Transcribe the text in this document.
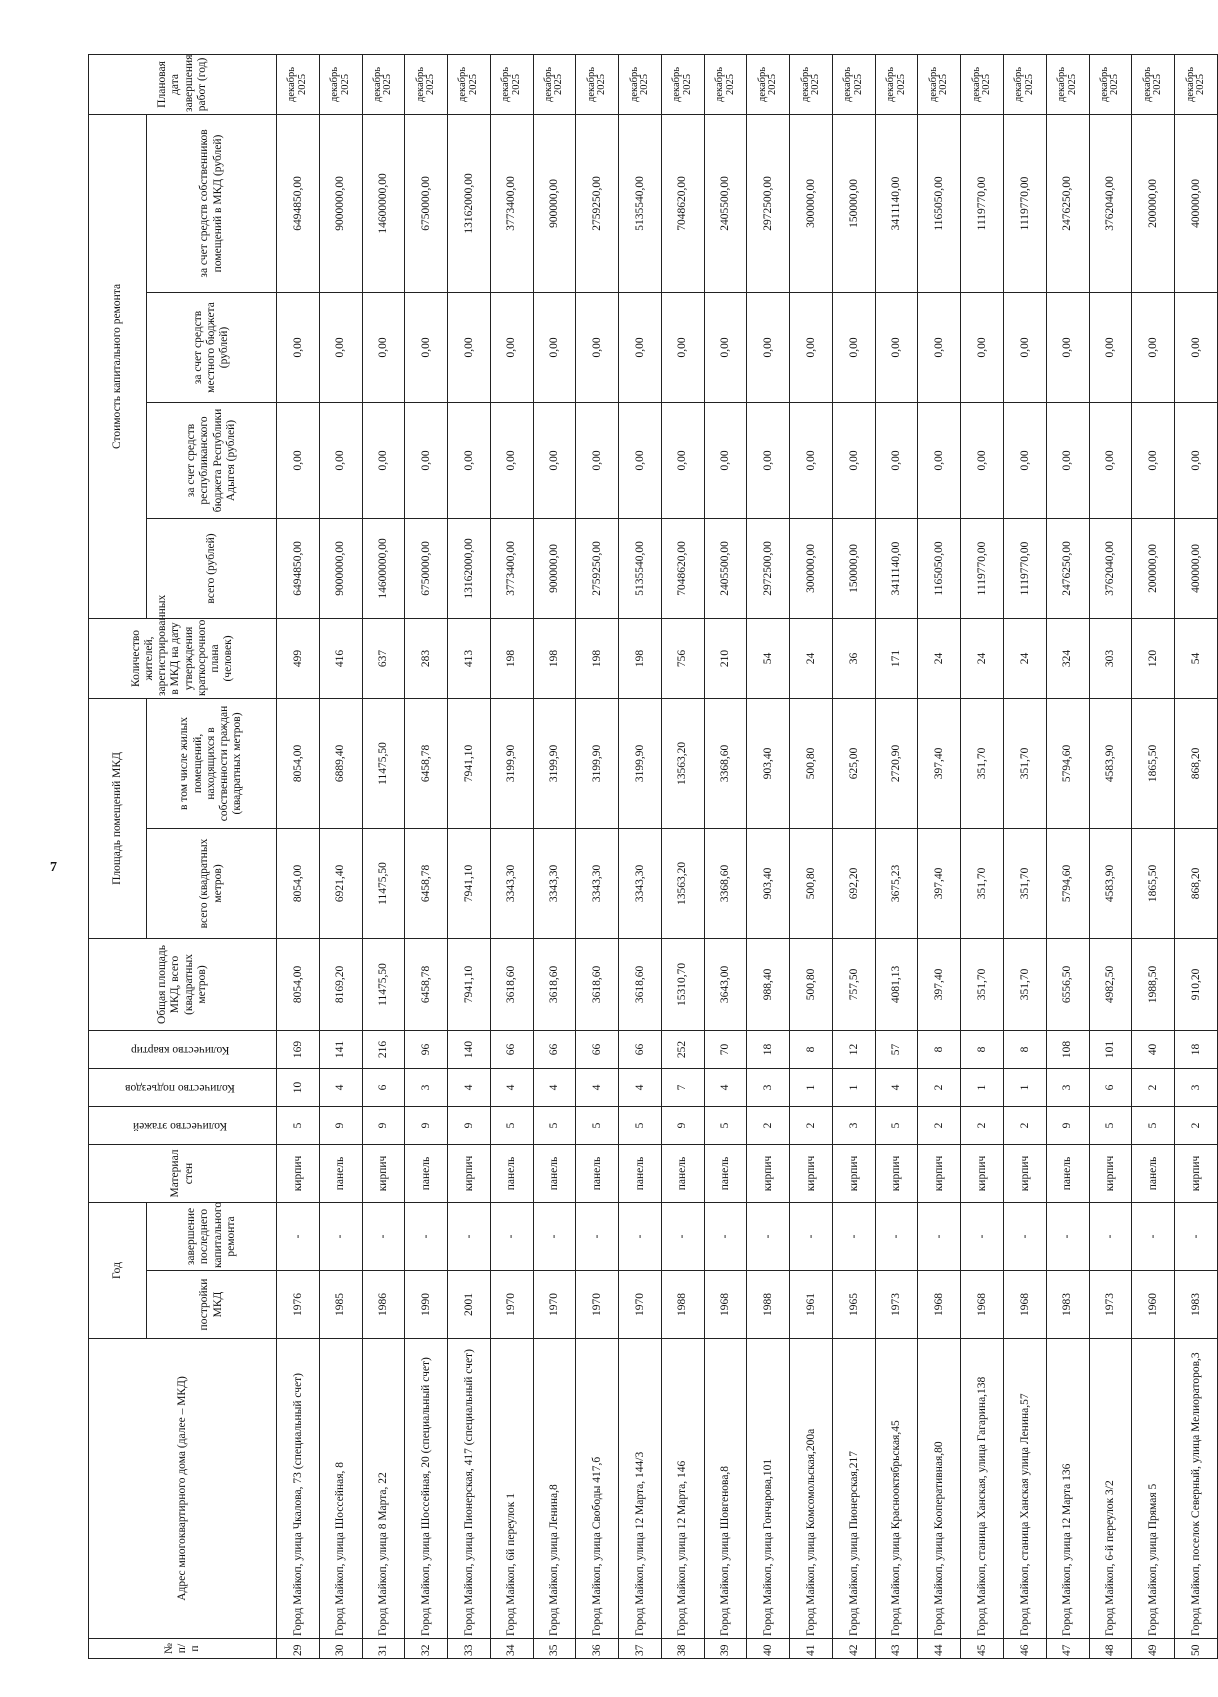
7
№ п/п	Адрес многоквартирного дома (далее – МКД)	Год		Материал стен	Количество этажей	Количество подъездов	Количество квартир	Общая площадь МКД, всего (квадратных метров)	Площадь помещений МКД		Количество жителей, зарегистрированных в МКД на дату утверждения краткосрочного плана (человек)	Стоимость капитального ремонта				Плановая дата завершения работ (год)
		постройки МКД	завершение последнего капитального ремонта						всего (квадратных метров)	в том числе жилых помещений, находящихся в собственности граждан (квадратных метров)		всего (рублей)	за счет средств республиканского бюджета Республики Адыгея (рублей)	за счет средств местного бюджета (рублей)	за счет средств собственников помещений в МКД (рублей)	
29	Город Майкоп, улица Чкалова, 73 (специальный счет)	1976	-	кирпич	5	10	169	8054,00	8054,00	8054,00	499	6494850,00	0,00	0,00	6494850,00	декабрь 2025
30	Город Майкоп, улица Шоссейная, 8	1985	-	панель	9	4	141	8169,20	6921,40	6889,40	416	9000000,00	0,00	0,00	9000000,00	декабрь 2025
31	Город Майкоп, улица 8 Марта, 22	1986	-	кирпич	9	6	216	11475,50	11475,50	11475,50	637	14600000,00	0,00	0,00	14600000,00	декабрь 2025
32	Город Майкоп, улица Шоссейная, 20 (специальный счет)	1990	-	панель	9	3	96	6458,78	6458,78	6458,78	283	6750000,00	0,00	0,00	6750000,00	декабрь 2025
33	Город Майкоп, улица Пионерская, 417 (специальный счет)	2001	-	кирпич	9	4	140	7941,10	7941,10	7941,10	413	13162000,00	0,00	0,00	13162000,00	декабрь 2025
34	Город Майкоп, 6й переулок 1	1970	-	панель	5	4	66	3618,60	3343,30	3199,90	198	3773400,00	0,00	0,00	3773400,00	декабрь 2025
35	Город Майкоп, улица Ленина,8	1970	-	панель	5	4	66	3618,60	3343,30	3199,90	198	900000,00	0,00	0,00	900000,00	декабрь 2025
36	Город Майкоп, улица Свободы 417,б	1970	-	панель	5	4	66	3618,60	3343,30	3199,90	198	2759250,00	0,00	0,00	2759250,00	декабрь 2025
37	Город Майкоп, улица 12 Марта, 144/3	1970	-	панель	5	4	66	3618,60	3343,30	3199,90	198	5135540,00	0,00	0,00	5135540,00	декабрь 2025
38	Город Майкоп, улица 12 Марта, 146	1988	-	панель	9	7	252	15310,70	13563,20	13563,20	756	7048620,00	0,00	0,00	7048620,00	декабрь 2025
39	Город Майкоп, улица Шовгенова,8	1968	-	панель	5	4	70	3643,00	3368,60	3368,60	210	2405500,00	0,00	0,00	2405500,00	декабрь 2025
40	Город Майкоп, улица Гончарова,101	1988	-	кирпич	2	3	18	988,40	903,40	903,40	54	2972500,00	0,00	0,00	2972500,00	декабрь 2025
41	Город Майкоп, улица Комсомольская,200а	1961	-	кирпич	2	1	8	500,80	500,80	500,80	24	300000,00	0,00	0,00	300000,00	декабрь 2025
42	Город Майкоп, улица Пионерская,217	1965	-	кирпич	3	1	12	757,50	692,20	625,00	36	150000,00	0,00	0,00	150000,00	декабрь 2025
43	Город Майкоп, улица Краснооктябрьская,45	1973	-	кирпич	5	4	57	4081,13	3675,23	2720,90	171	3411140,00	0,00	0,00	3411140,00	декабрь 2025
44	Город Майкоп, улица Кооперативная,80	1968	-	кирпич	2	2	8	397,40	397,40	397,40	24	1165050,00	0,00	0,00	1165050,00	декабрь 2025
45	Город Майкоп, станица Ханская, улица Гагарина,138	1968	-	кирпич	2	1	8	351,70	351,70	351,70	24	1119770,00	0,00	0,00	1119770,00	декабрь 2025
46	Город Майкоп, станица Ханская улица Ленина,57	1968	-	кирпич	2	1	8	351,70	351,70	351,70	24	1119770,00	0,00	0,00	1119770,00	декабрь 2025
47	Город Майкоп, улица 12 Марта 136	1983	-	панель	9	3	108	6556,50	5794,60	5794,60	324	2476250,00	0,00	0,00	2476250,00	декабрь 2025
48	Город Майкоп, 6-й переулок 3/2	1973	-	кирпич	5	6	101	4982,50	4583,90	4583,90	303	3762040,00	0,00	0,00	3762040,00	декабрь 2025
49	Город Майкоп, улица Прямая 5	1960	-	панель	5	2	40	1988,50	1865,50	1865,50	120	200000,00	0,00	0,00	200000,00	декабрь 2025
50	Город Майкоп, поселок Северный, улица Мелиораторов,3	1983	-	кирпич	2	3	18	910,20	868,20	868,20	54	400000,00	0,00	0,00	400000,00	декабрь 2025
